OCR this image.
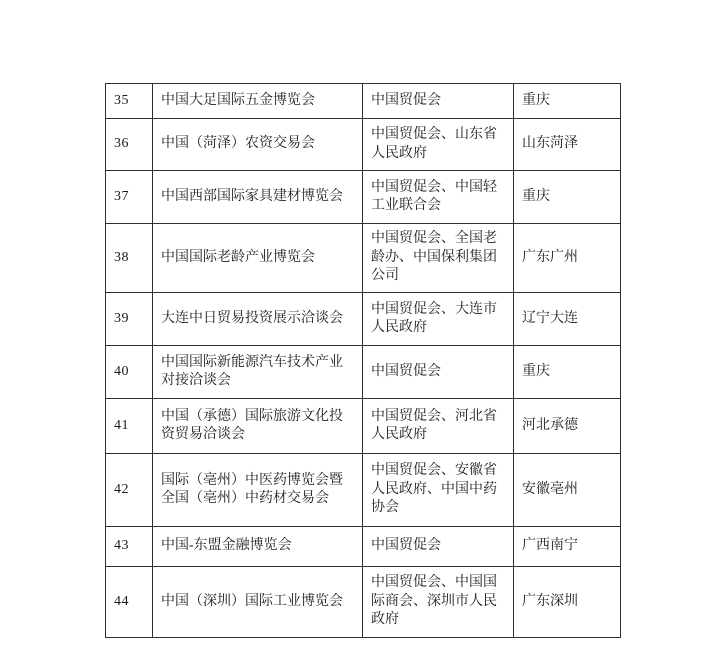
35	中国大足国际五金博览会	中国贸促会	重庆
36	中国（菏泽）农资交易会	中国贸促会、山东省人民政府	山东菏泽
37	中国西部国际家具建材博览会	中国贸促会、中国轻工业联合会	重庆
38	中国国际老龄产业博览会	中国贸促会、全国老龄办、中国保利集团公司	广东广州
39	大连中日贸易投资展示洽谈会	中国贸促会、大连市人民政府	辽宁大连
40	中国国际新能源汽车技术产业对接洽谈会	中国贸促会	重庆
41	中国（承德）国际旅游文化投资贸易洽谈会	中国贸促会、河北省人民政府	河北承德
42	国际（亳州）中医药博览会暨全国（亳州）中药材交易会	中国贸促会、安徽省人民政府、中国中药协会	安徽亳州
43	中国-东盟金融博览会	中国贸促会	广西南宁
44	中国（深圳）国际工业博览会	中国贸促会、中国国际商会、深圳市人民政府	广东深圳
